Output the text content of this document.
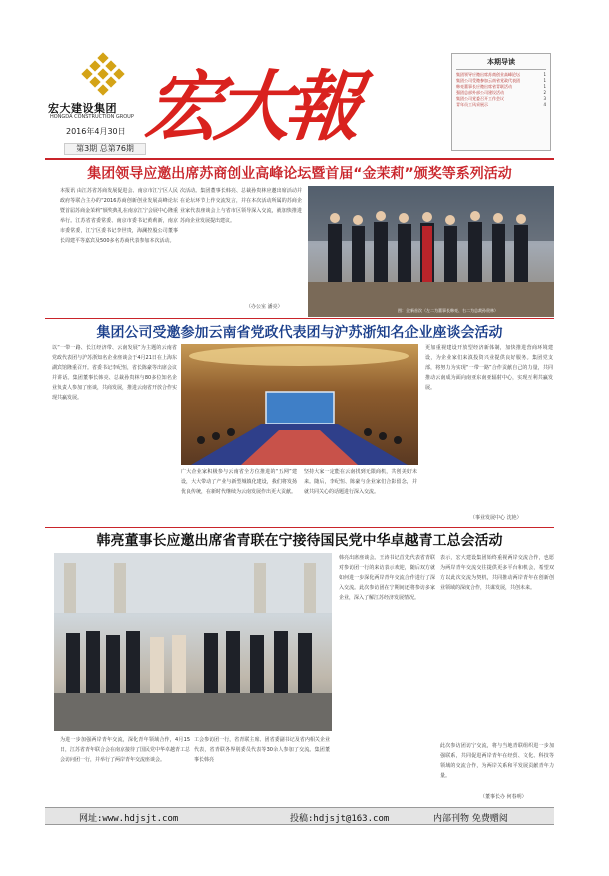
宏大建设集团
HONGDA CONSTRUCTION GROUP
2016年4月30日
第3期 总第76期 宏大報	本期导读
集团领导应邀出席苏商创业高峰论坛	1
集团公司受邀参加云南省党政代表团	1
韩亮董事长应邀出席省青联活动	1
强团总部外部公司建设活动	2
集团公司党委召开工作会议	3
青年员工风采展示	4
集团领导应邀出席苏商创业高峰论坛暨首届“金茉莉”颁奖等系列活动
本报讯 由江苏省苏商发展促进会、南京市江宁区人民政府等联合主办的“2016苏商创新创业发展高峰论坛暨首届苏商金茉莉”颁奖典礼在南京江宁会展中心隆重举行。江苏省省委常委、南京市委书记黄莉新，南京市委常委，江宁区委书记李世贵，海澜控股公司董事长周建平等嘉宾及500多名苏商代表参加本次活动。
次活动。集团董事长韩亮、总裁孙贵林应邀出席活动并在论坛环节上作交流发言，并在本次活动所属的苏商企业家代表座谈会上与省市区领导深入交流，就加快推进苏商企业发展提出建议。
（办公室 潘亮）
图：全新首次（左二为董事长韩亮、右二为总裁孙贵林）
集团公司受邀参加云南省党政代表团与沪苏浙知名企业座谈会活动
以“一带一路、长江经济带、云南发展”为主题的云南省党政代表团与沪苏浙知名企业座谈会于4月21日在上海东湖宾馆隆重召开。省委书记李纪恒，省长陈豪等出席会议并讲话。集团董事长韩亮、总裁孙贵林与80多位知名企业负责人参加了座谈，共商发展，推进云南省开放合作实现共赢发展。
广大企业家积极参与云南省全方位推进的“五网”建设，大大带动了产业与新型城镇化建设，我们将发扬优良传统，在新时代继续为云南发展作出更大贡献。
坚持大家一定能在云南找到无限商机，共创美好未来。随后，李纪恒、陈豪与企业家们合影留念，并就共同关心的话题进行深入交流。
更加重视建设开放型经济新体制，加快推进营商环境建设，为企业家们来滇投资兴业提供良好服务。集团党支部，将努力为实现“一带一路”合作贡献自己的力量，共同推动云南成为面向南亚东南亚辐射中心，实现互利共赢发展。
（事业发展中心 沈艳）
韩亮董事长应邀出席省青联在宁接待国民党中华卓越青工总会活动
为进一步加强两岸青年交流，深化青年领域合作，4月15日，江苏省青年联合会在南京接待了国民党中华卓越青工总会访问团一行，并举行了两岸青年交流座谈会。
工会参访团一行，省青联主席、团省委副书记及省内相关企业代表，省青联各界别委员代表等30余人参加了交流。集团董事长韩亮
韩亮出席座谈会。王涛书记首先代表省青联对参访团一行的来访表示欢迎，随后双方就如何进一步深化两岸青年交流合作进行了深入交流。此次参访团在宁期间还将参访多家企业，深入了解江苏经济发展情况。
表示，宏大建设集团始终重视两岸交流合作，也愿为两岸青年交流交往提供更多平台和机会，希望双方以此次交流为契机，共同推动两岸青年在创新创业领域的深度合作，共谋发展，共创未来。
此次参访团访宁交流，将与当地青联组织进一步加强联系，共同促进两岸青年在经贸、文化、科技等领域的交流合作，为两岸关系和平发展贡献青年力量。
（董事长办 何春明）
网址:www.hdjsjt.com	投稿:hdjsjt@163.com	内部刊物 免费赠阅
